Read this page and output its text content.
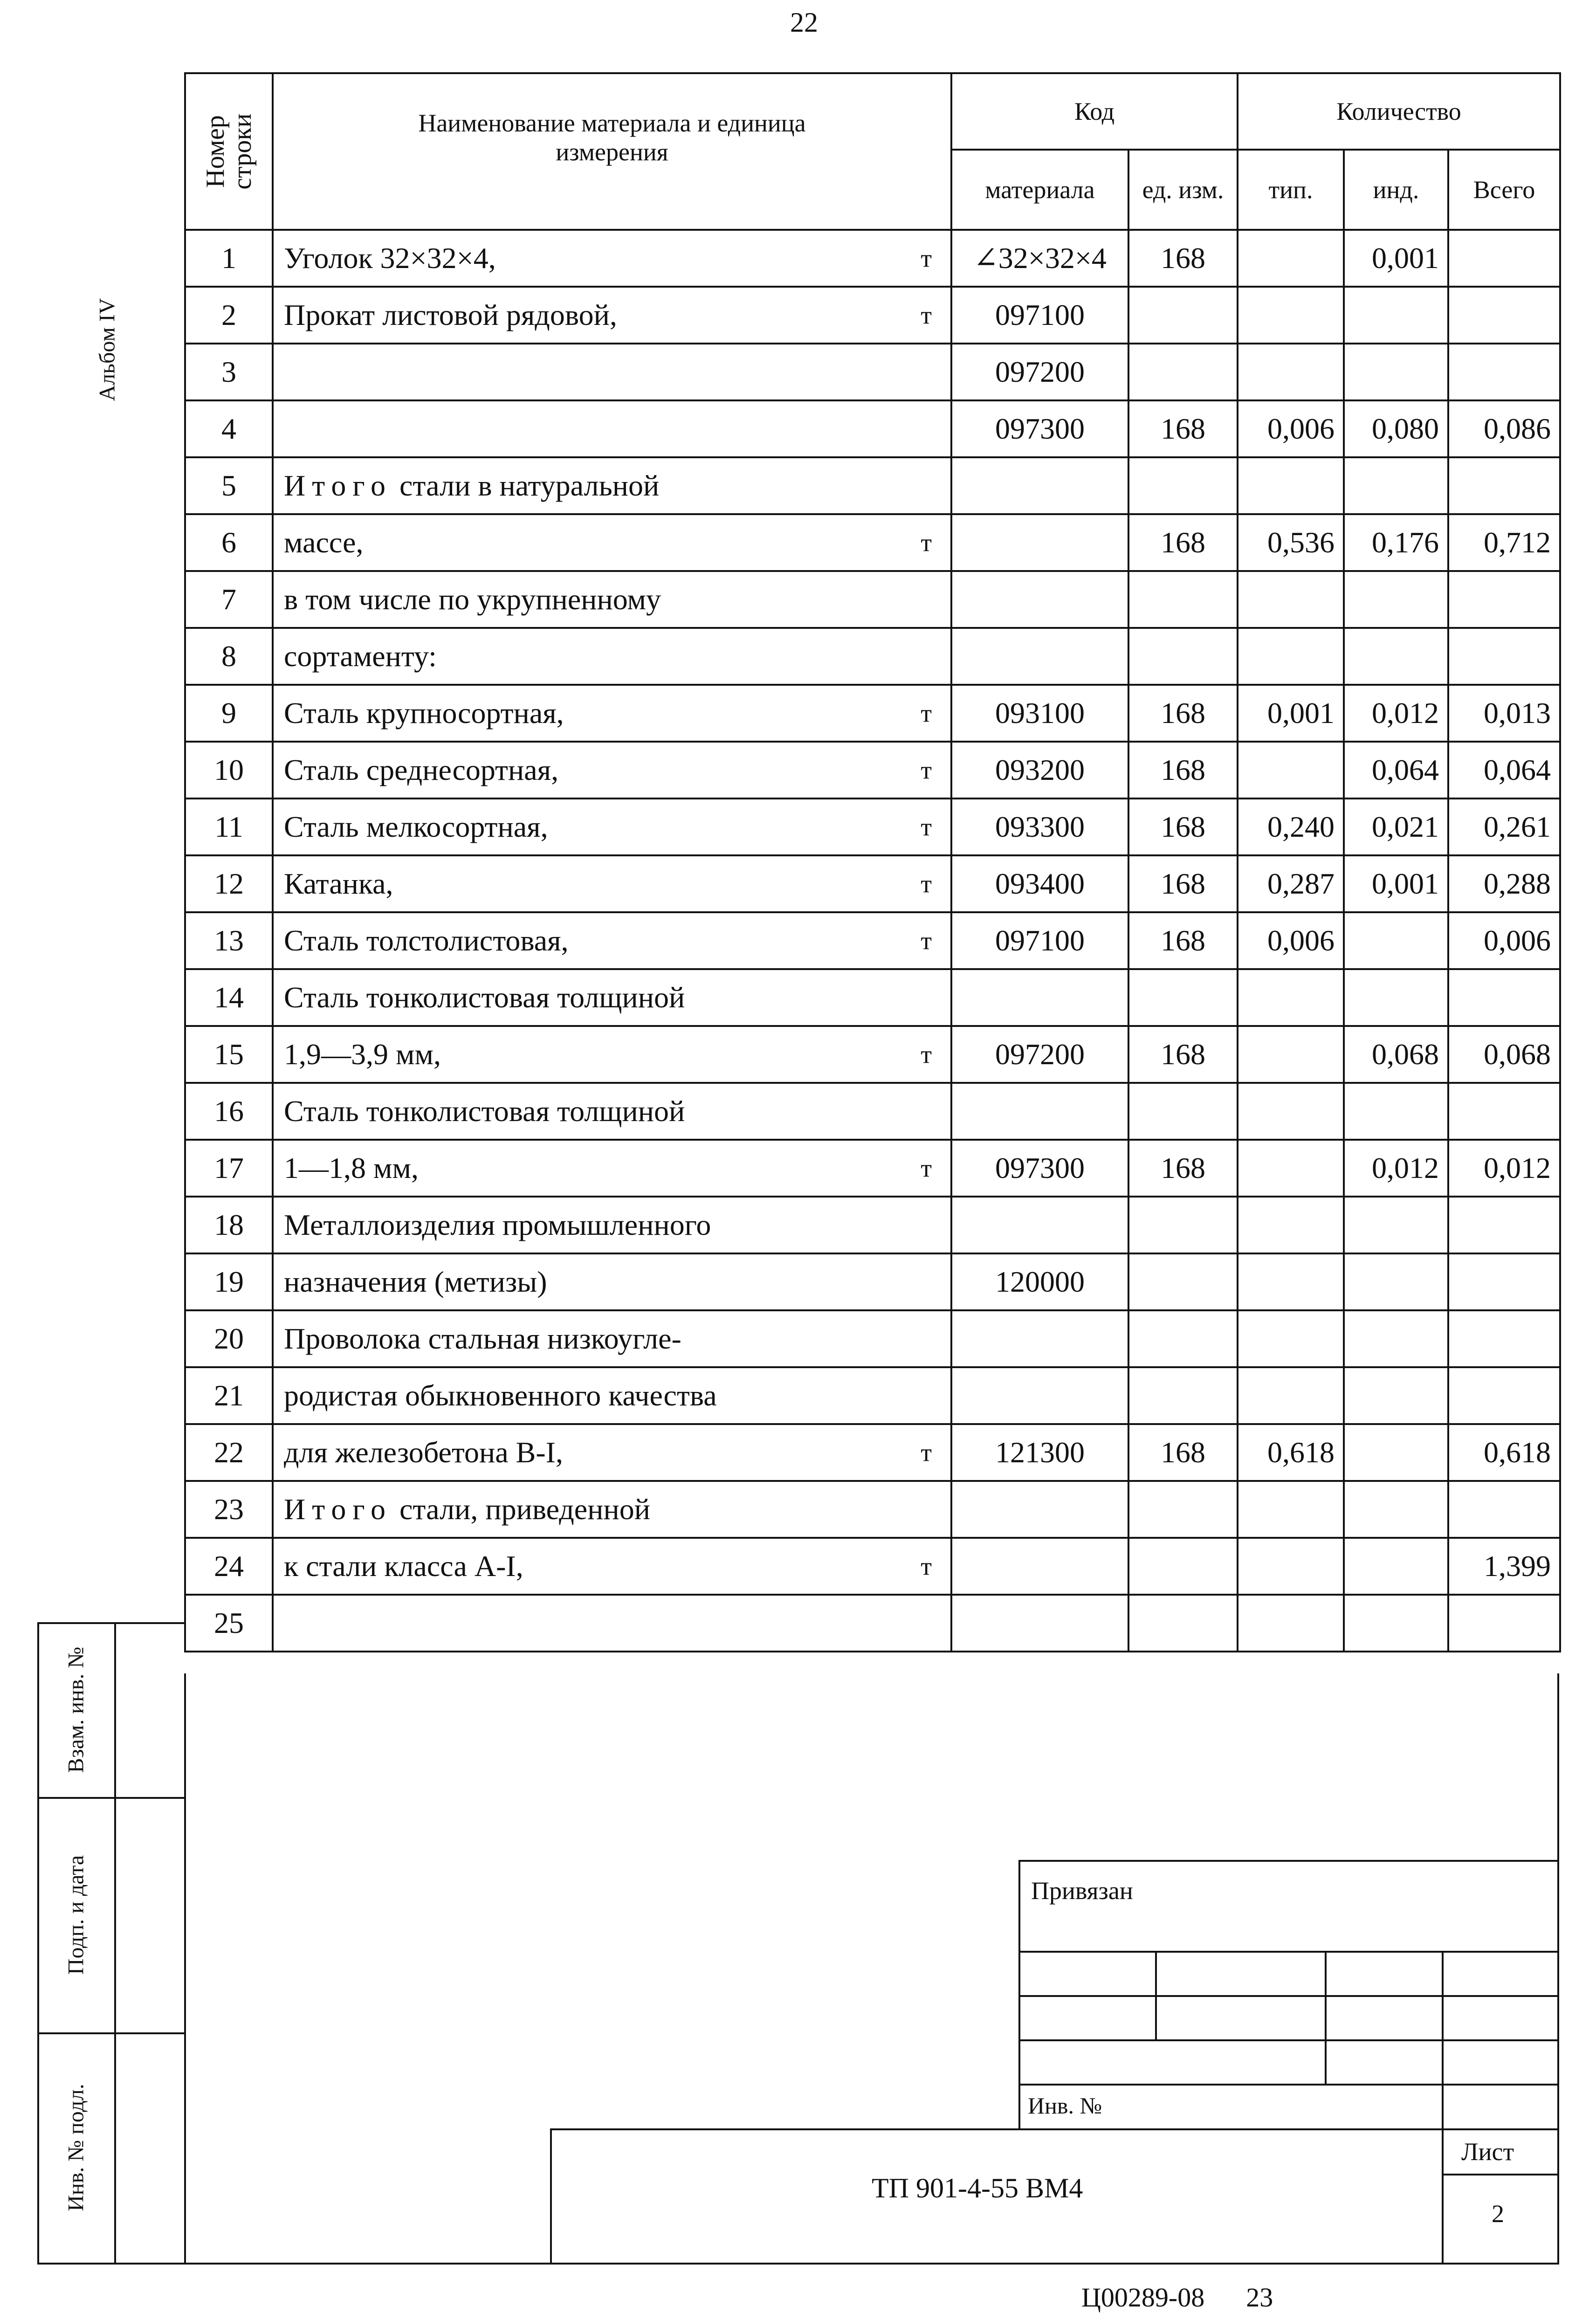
22
Альбом IV
Номер строки	Наименование материала и единица измерения	Код		Количество		
		материала	ед. изм.	тип.	инд.	Всего
1	Уголок 32×32×4, т	∠32×32×4	168		0,001	
2	Прокат листовой рядовой, т	097100				
3		097200				
4		097300	168	0,006	0,080	0,086
5	Итого стали в натуральной

6	массе, т		168	0,536	0,176	0,712
7	в том числе по укрупненному

8	сортаменту:

9	Сталь крупносортная, т	093100	168	0,001	0,012	0,013
10	Сталь среднесортная, т	093200	168		0,064	0,064
11	Сталь мелкосортная, т	093300	168	0,240	0,021	0,261
12	Катанка, т	093400	168	0,287	0,001	0,288
13	Сталь толстолистовая, т	097100	168	0,006		0,006
14	Сталь тонколистовая толщиной

15	1,9—3,9 мм, т	097200	168		0,068	0,068
16	Сталь тонколистовая толщиной

17	1—1,8 мм, т	097300	168		0,012	0,012
18	Металлоизделия промышленного

19	назначения (метизы)	120000				
20	Проволока стальная низкоугле-

21	родистая обыкновенного качества

22	для железобетона В-I, т	121300	168	0,618		0,618
23	Итого стали, приведенной

24	к стали класса А-I, т					1,399
25	

Взам. инв. №
Подп. и дата
Инв. № подл.
Привязан
Инв. №
ТП 901-4-55 ВМ4
Лист
2
Ц00289-08 23
